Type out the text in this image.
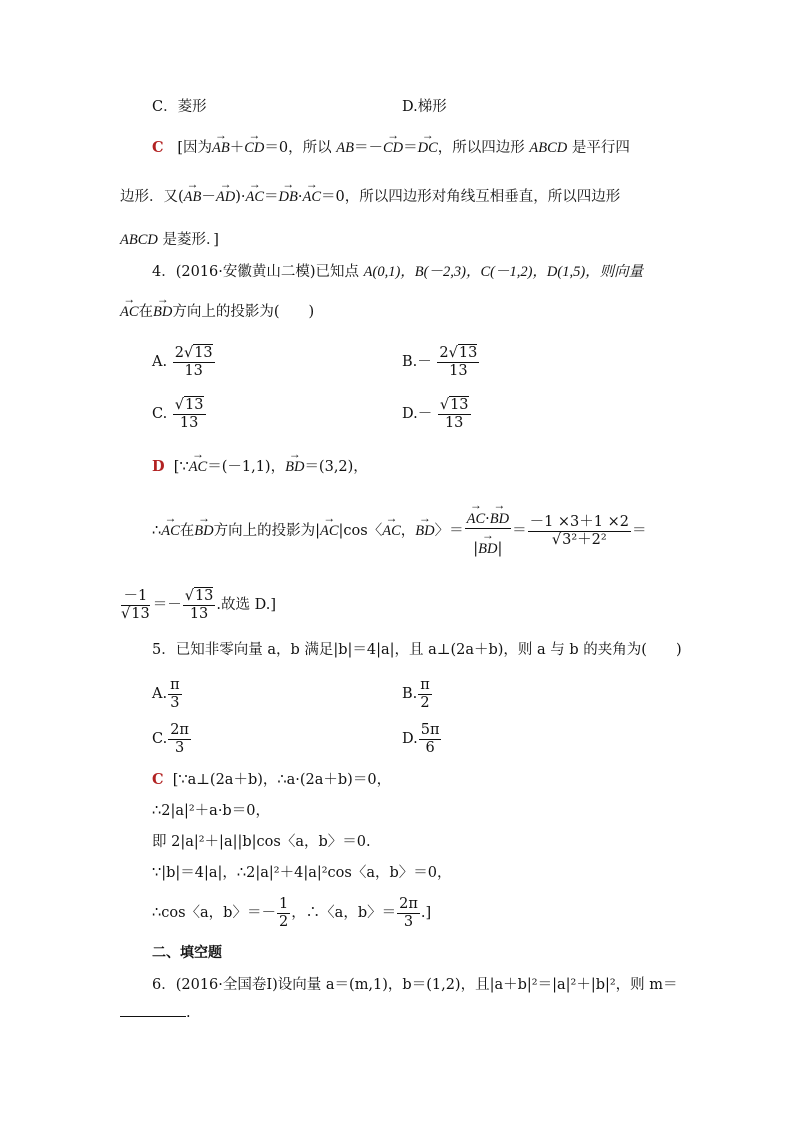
C．菱形	D.梯形
C [因为→ AB＋→ CD＝0，所以 AB＝－→ CD＝→ DC，所以四边形 ABCD 是平行四
边形．又(→ AB－→ AD)·→ AC＝→ DB·→ AC＝0，所以四边形对角线互相垂直，所以四边形
ABCD 是菱形．]
4．(2016·安徽黄山二模)已知点 A(0,1)，B(－2,3)，C(－1,2)，D(1,5)，则向量
→ AC在→ BD方向上的投影为(　　)
A. $\frac{2√13}{13}$	$B.- \frac{2√13}{13}$
C. $\frac{√13}{13}$	$D.- \frac{√13}{13}$
D  [∵→ AC＝(－1,1)，→ BD＝(3,2)，
∴→ AC在→ BD方向上的投影为|→ AC|cos〈→ AC，→ BD〉＝
→ $\frac{AC\cdot\to BD}{|\to BD|} = \frac{-1 \times 3+1 \times 2}{\text{√3²＋2²}}$ ＝
$\frac{-1}{√13} =- \frac{√13}{13}$ .故选 D.]
5．已知非零向量 a，b 满足|b|＝4|a|，且 a⊥(2a＋b)，则 a 与 b 的夹角为(　　)
A. $\frac{\pi}{3}$	B. $\frac{\pi}{2}$
C. $\frac{2\pi}{3}$	D. $\frac{5\pi}{6}$
C [∵a⊥(2a＋b)，∴a·(2a＋b)＝0，
∴2|a|²＋a·b＝0，
即 2|a|²＋|a||b|cos〈a，b〉＝0.
∵|b|＝4|a|，∴2|a|²＋4|a|²cos〈a，b〉＝0，
∴cos〈a，b〉＝－ $\frac{1}{2}$ ，∴〈a，b〉＝ $\frac{2\pi}{3}$ .]
二、填空题
6．(2016·全国卷Ⅰ)设向量 a＝(m,1)，b＝(1,2)，且|a＋b|²＝|a|²＋|b|²，则 m＝
.
